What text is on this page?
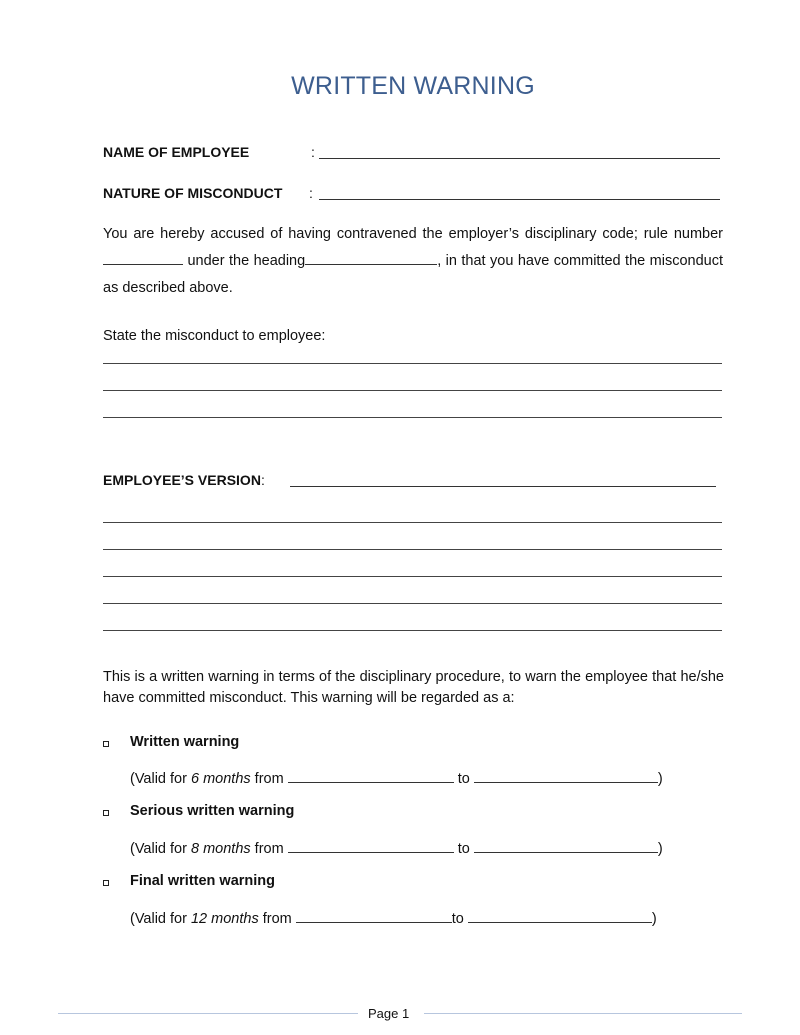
WRITTEN WARNING
NAME OF EMPLOYEE	:
NATURE OF MISCONDUCT :
You are hereby accused of having contravened the employer’s disciplinary code; rule number  under the heading	, in that you have committed the misconduct as described above.
State the misconduct to employee:
EMPLOYEE’S VERSION:
This is a written warning in terms of the disciplinary procedure, to warn the employee that he/she have committed misconduct. This warning will be regarded as a:
Written warning
(Valid for 6 months from	to	)
Serious written warning
(Valid for 8 months from	to	)
Final written warning
(Valid for 12 months from	to	)
Page 1
